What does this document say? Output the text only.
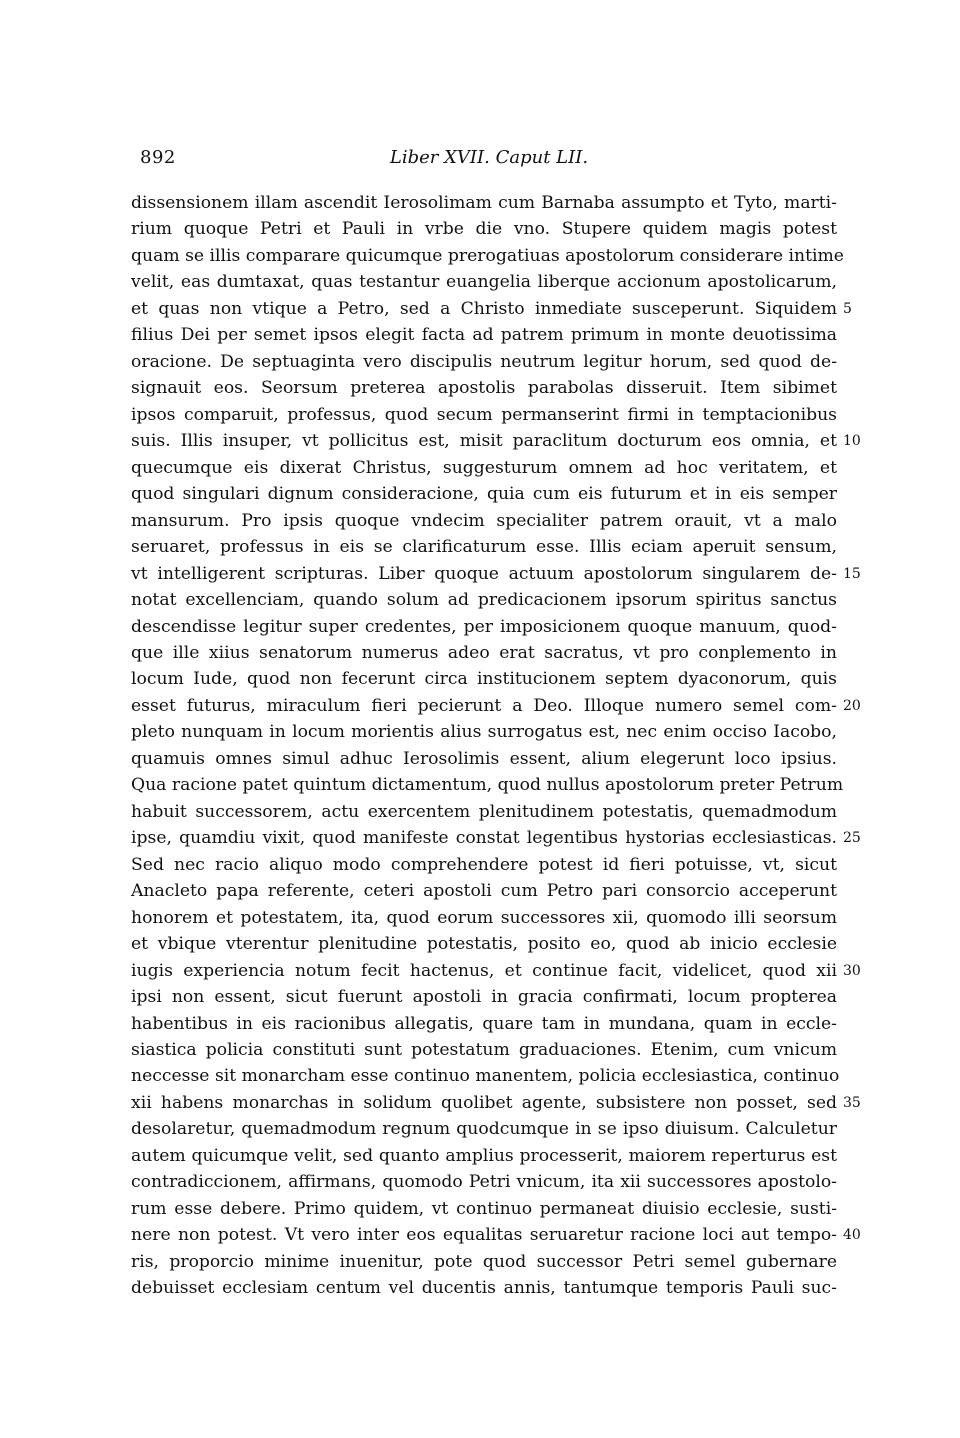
892	Liber XVII. Caput LII.
dissensionem illam ascendit Ierosolimam cum Barnaba assumpto et Tyto, marti-
rium quoque Petri et Pauli in vrbe die vno. Stupere quidem magis potest
quam se illis comparare quicumque prerogatiuas apostolorum considerare intime
velit, eas dumtaxat, quas testantur euangelia liberque accionum apostolicarum,
et quas non vtique a Petro, sed a Christo inmediate susceperunt. Siquidem 5
filius Dei per semet ipsos elegit facta ad patrem primum in monte deuotissima
oracione. De septuaginta vero discipulis neutrum legitur horum, sed quod de-
signauit eos. Seorsum preterea apostolis parabolas disseruit. Item sibimet
ipsos comparuit, professus, quod secum permanserint firmi in temptacionibus
suis. Illis insuper, vt pollicitus est, misit paraclitum docturum eos omnia, et 10
quecumque eis dixerat Christus, suggesturum omnem ad hoc veritatem, et
quod singulari dignum consideracione, quia cum eis futurum et in eis semper
mansurum. Pro ipsis quoque vndecim specialiter patrem orauit, vt a malo
seruaret, professus in eis se clarificaturum esse. Illis eciam aperuit sensum,
vt intelligerent scripturas. Liber quoque actuum apostolorum singularem de- 15
notat excellenciam, quando solum ad predicacionem ipsorum spiritus sanctus
descendisse legitur super credentes, per imposicionem quoque manuum, quod-
que ille xiius senatorum numerus adeo erat sacratus, vt pro conplemento in
locum Iude, quod non fecerunt circa institucionem septem dyaconorum, quis
esset futurus, miraculum fieri pecierunt a Deo. Illoque numero semel com- 20
pleto nunquam in locum morientis alius surrogatus est, nec enim occiso Iacobo,
quamuis omnes simul adhuc Ierosolimis essent, alium elegerunt loco ipsius.
Qua racione patet quintum dictamentum, quod nullus apostolorum preter Petrum
habuit successorem, actu exercentem plenitudinem potestatis, quemadmodum
ipse, quamdiu vixit, quod manifeste constat legentibus hystorias ecclesiasticas. 25
Sed nec racio aliquo modo comprehendere potest id fieri potuisse, vt, sicut
Anacleto papa referente, ceteri apostoli cum Petro pari consorcio acceperunt
honorem et potestatem, ita, quod eorum successores xii, quomodo illi seorsum
et vbique vterentur plenitudine potestatis, posito eo, quod ab inicio ecclesie
iugis experiencia notum fecit hactenus, et continue facit, videlicet, quod xii 30
ipsi non essent, sicut fuerunt apostoli in gracia confirmati, locum propterea
habentibus in eis racionibus allegatis, quare tam in mundana, quam in eccle-
siastica policia constituti sunt potestatum graduaciones. Etenim, cum vnicum
neccesse sit monarcham esse continuo manentem, policia ecclesiastica, continuo
xii habens monarchas in solidum quolibet agente, subsistere non posset, sed 35
desolaretur, quemadmodum regnum quodcumque in se ipso diuisum. Calculetur
autem quicumque velit, sed quanto amplius processerit, maiorem reperturus est
contradiccionem, affirmans, quomodo Petri vnicum, ita xii successores apostolo-
rum esse debere. Primo quidem, vt continuo permaneat diuisio ecclesie, susti-
nere non potest. Vt vero inter eos equalitas seruaretur racione loci aut tempo- 40
ris, proporcio minime inuenitur, pote quod successor Petri semel gubernare
debuisset ecclesiam centum vel ducentis annis, tantumque temporis Pauli suc-
